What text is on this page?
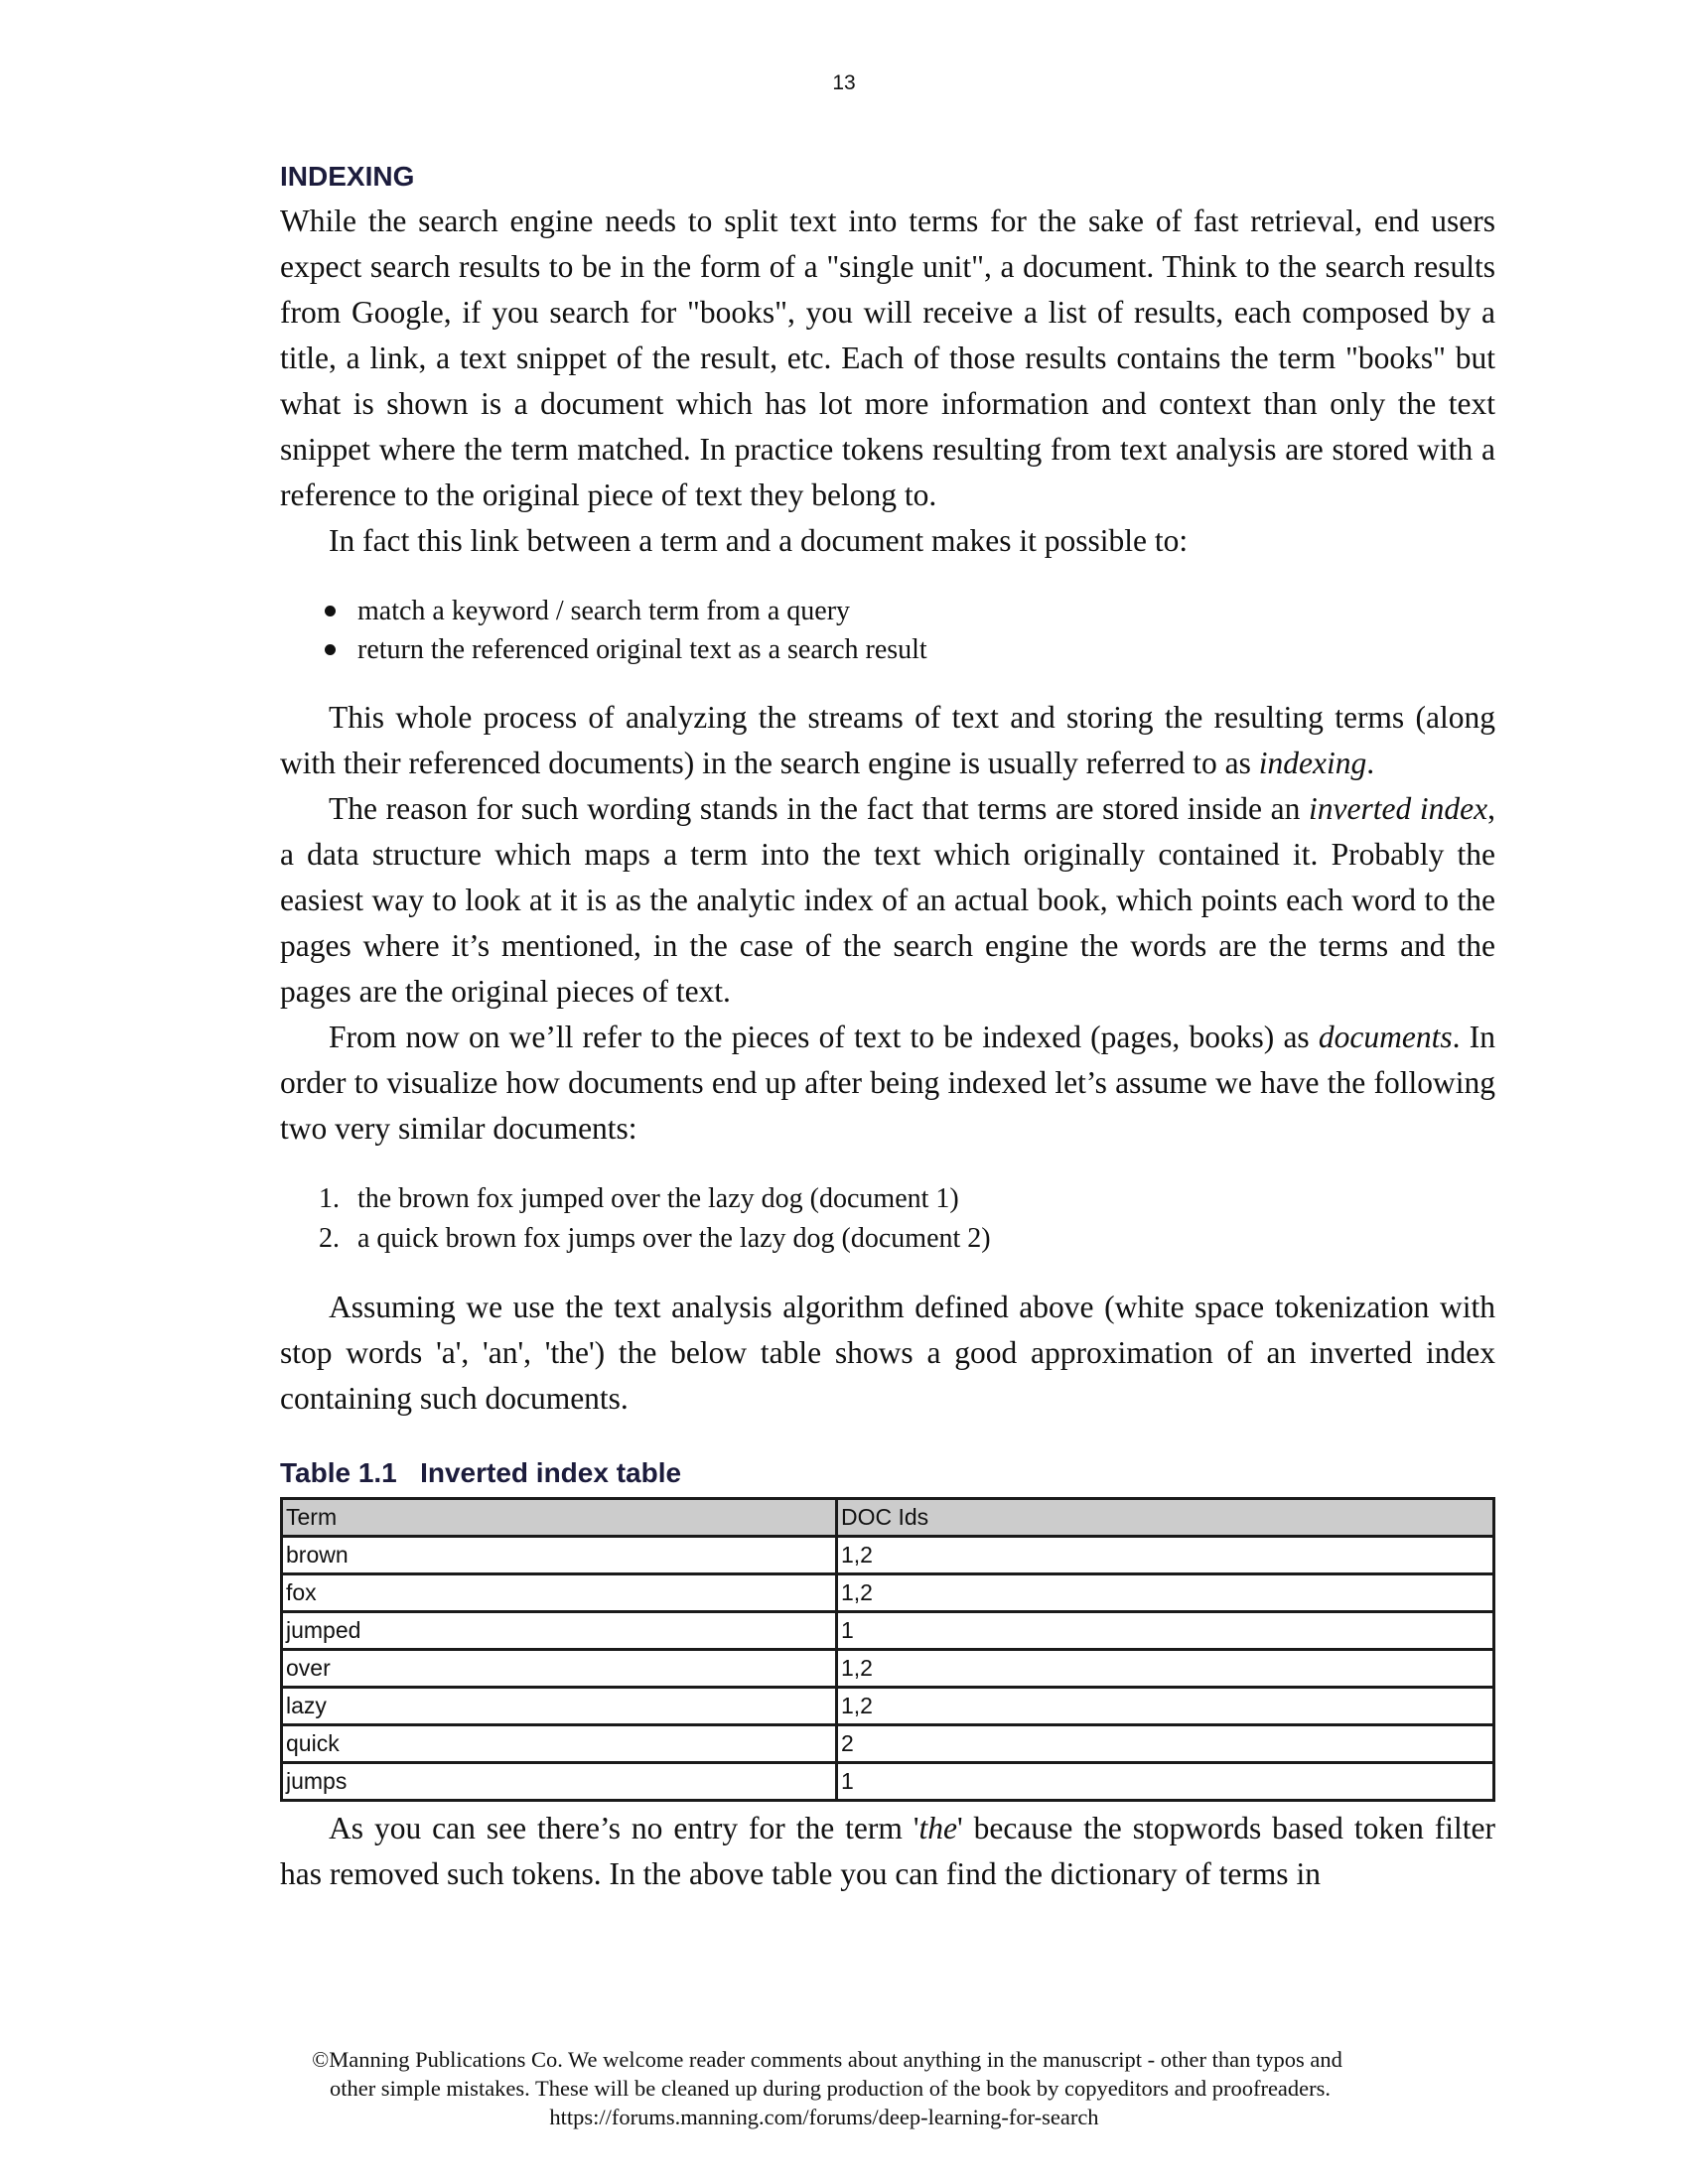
13
INDEXING

While the search engine needs to split text into terms for the sake of fast retrieval, end users expect search results to be in the form of a "single unit", a document. Think to the search results from Google, if you search for "books", you will receive a list of results, each composed by a title, a link, a text snippet of the result, etc. Each of those results contains the term "books" but what is shown is a document which has lot more information and context than only the text snippet where the term matched. In practice tokens resulting from text analysis are stored with a reference to the original piece of text they belong to.

In fact this link between a term and a document makes it possible to:

match a keyword / search term from a query
return the referenced original text as a search result

This whole process of analyzing the streams of text and storing the resulting terms (along with their referenced documents) in the search engine is usually referred to as indexing.

The reason for such wording stands in the fact that terms are stored inside an inverted index, a data structure which maps a term into the text which originally contained it. Probably the easiest way to look at it is as the analytic index of an actual book, which points each word to the pages where it’s mentioned, in the case of the search engine the words are the terms and the pages are the original pieces of text.

From now on we’ll refer to the pieces of text to be indexed (pages, books) as documents. In order to visualize how documents end up after being indexed let’s assume we have the following two very similar documents:

1. the brown fox jumped over the lazy dog (document 1)
2. a quick brown fox jumps over the lazy dog (document 2)

Assuming we use the text analysis algorithm defined above (white space tokenization with stop words 'a', 'an', 'the') the below table shows a good approximation of an inverted index containing such documents.

Table 1.1   Inverted index table
Term	DOC Ids
brown	1,2
fox	1,2
jumped	1
over	1,2
lazy	1,2
quick	2
jumps	1

As you can see there’s no entry for the term 'the' because the stopwords based token filter has removed such tokens. In the above table you can find the dictionary of terms in

©Manning Publications Co. We welcome reader comments about anything in the manuscript - other than typos and
other simple mistakes. These will be cleaned up during production of the book by copyeditors and proofreaders.
https://forums.manning.com/forums/deep-learning-for-search
